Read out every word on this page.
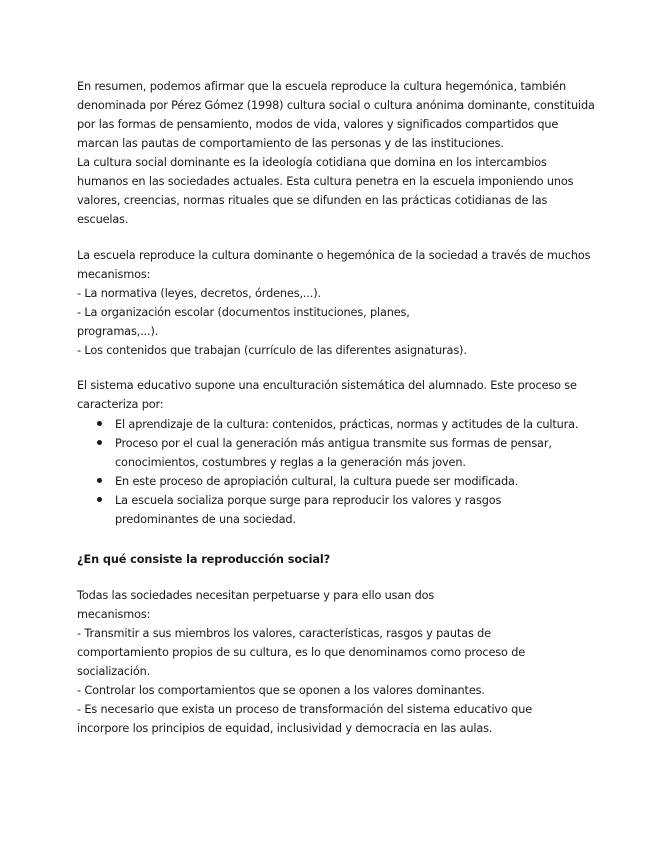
En resumen, podemos afirmar que la escuela reproduce la cultura hegemónica, también
denominada por Pérez Gómez (1998) cultura social o cultura anónima dominante, constituida
por las formas de pensamiento, modos de vida, valores y significados compartidos que
marcan las pautas de comportamiento de las personas y de las instituciones.
La cultura social dominante es la ideología cotidiana que domina en los intercambios
humanos en las sociedades actuales. Esta cultura penetra en la escuela imponiendo unos
valores, creencias, normas rituales que se difunden en las prácticas cotidianas de las
escuelas.
La escuela reproduce la cultura dominante o hegemónica de la sociedad a través de muchos
mecanismos:
- La normativa (leyes, decretos, órdenes,...).
- La organización escolar (documentos instituciones, planes,
programas,...).
- Los contenidos que trabajan (currículo de las diferentes asignaturas).
El sistema educativo supone una enculturación sistemática del alumnado. Este proceso se
caracteriza por:
El aprendizaje de la cultura: contenidos, prácticas, normas y actitudes de la cultura.
Proceso por el cual la generación más antigua transmite sus formas de pensar,
conocimientos, costumbres y reglas a la generación más joven.
En este proceso de apropiación cultural, la cultura puede ser modificada.
La escuela socializa porque surge para reproducir los valores y rasgos
predominantes de una sociedad.
¿En qué consiste la reproducción social?
Todas las sociedades necesitan perpetuarse y para ello usan dos
mecanismos:
- Transmitir a sus miembros los valores, características, rasgos y pautas de
comportamiento propios de su cultura, es lo que denominamos como proceso de
socialización.
- Controlar los comportamientos que se oponen a los valores dominantes.
- Es necesario que exista un proceso de transformación del sistema educativo que
incorpore los principios de equidad, inclusividad y democracia en las aulas.
